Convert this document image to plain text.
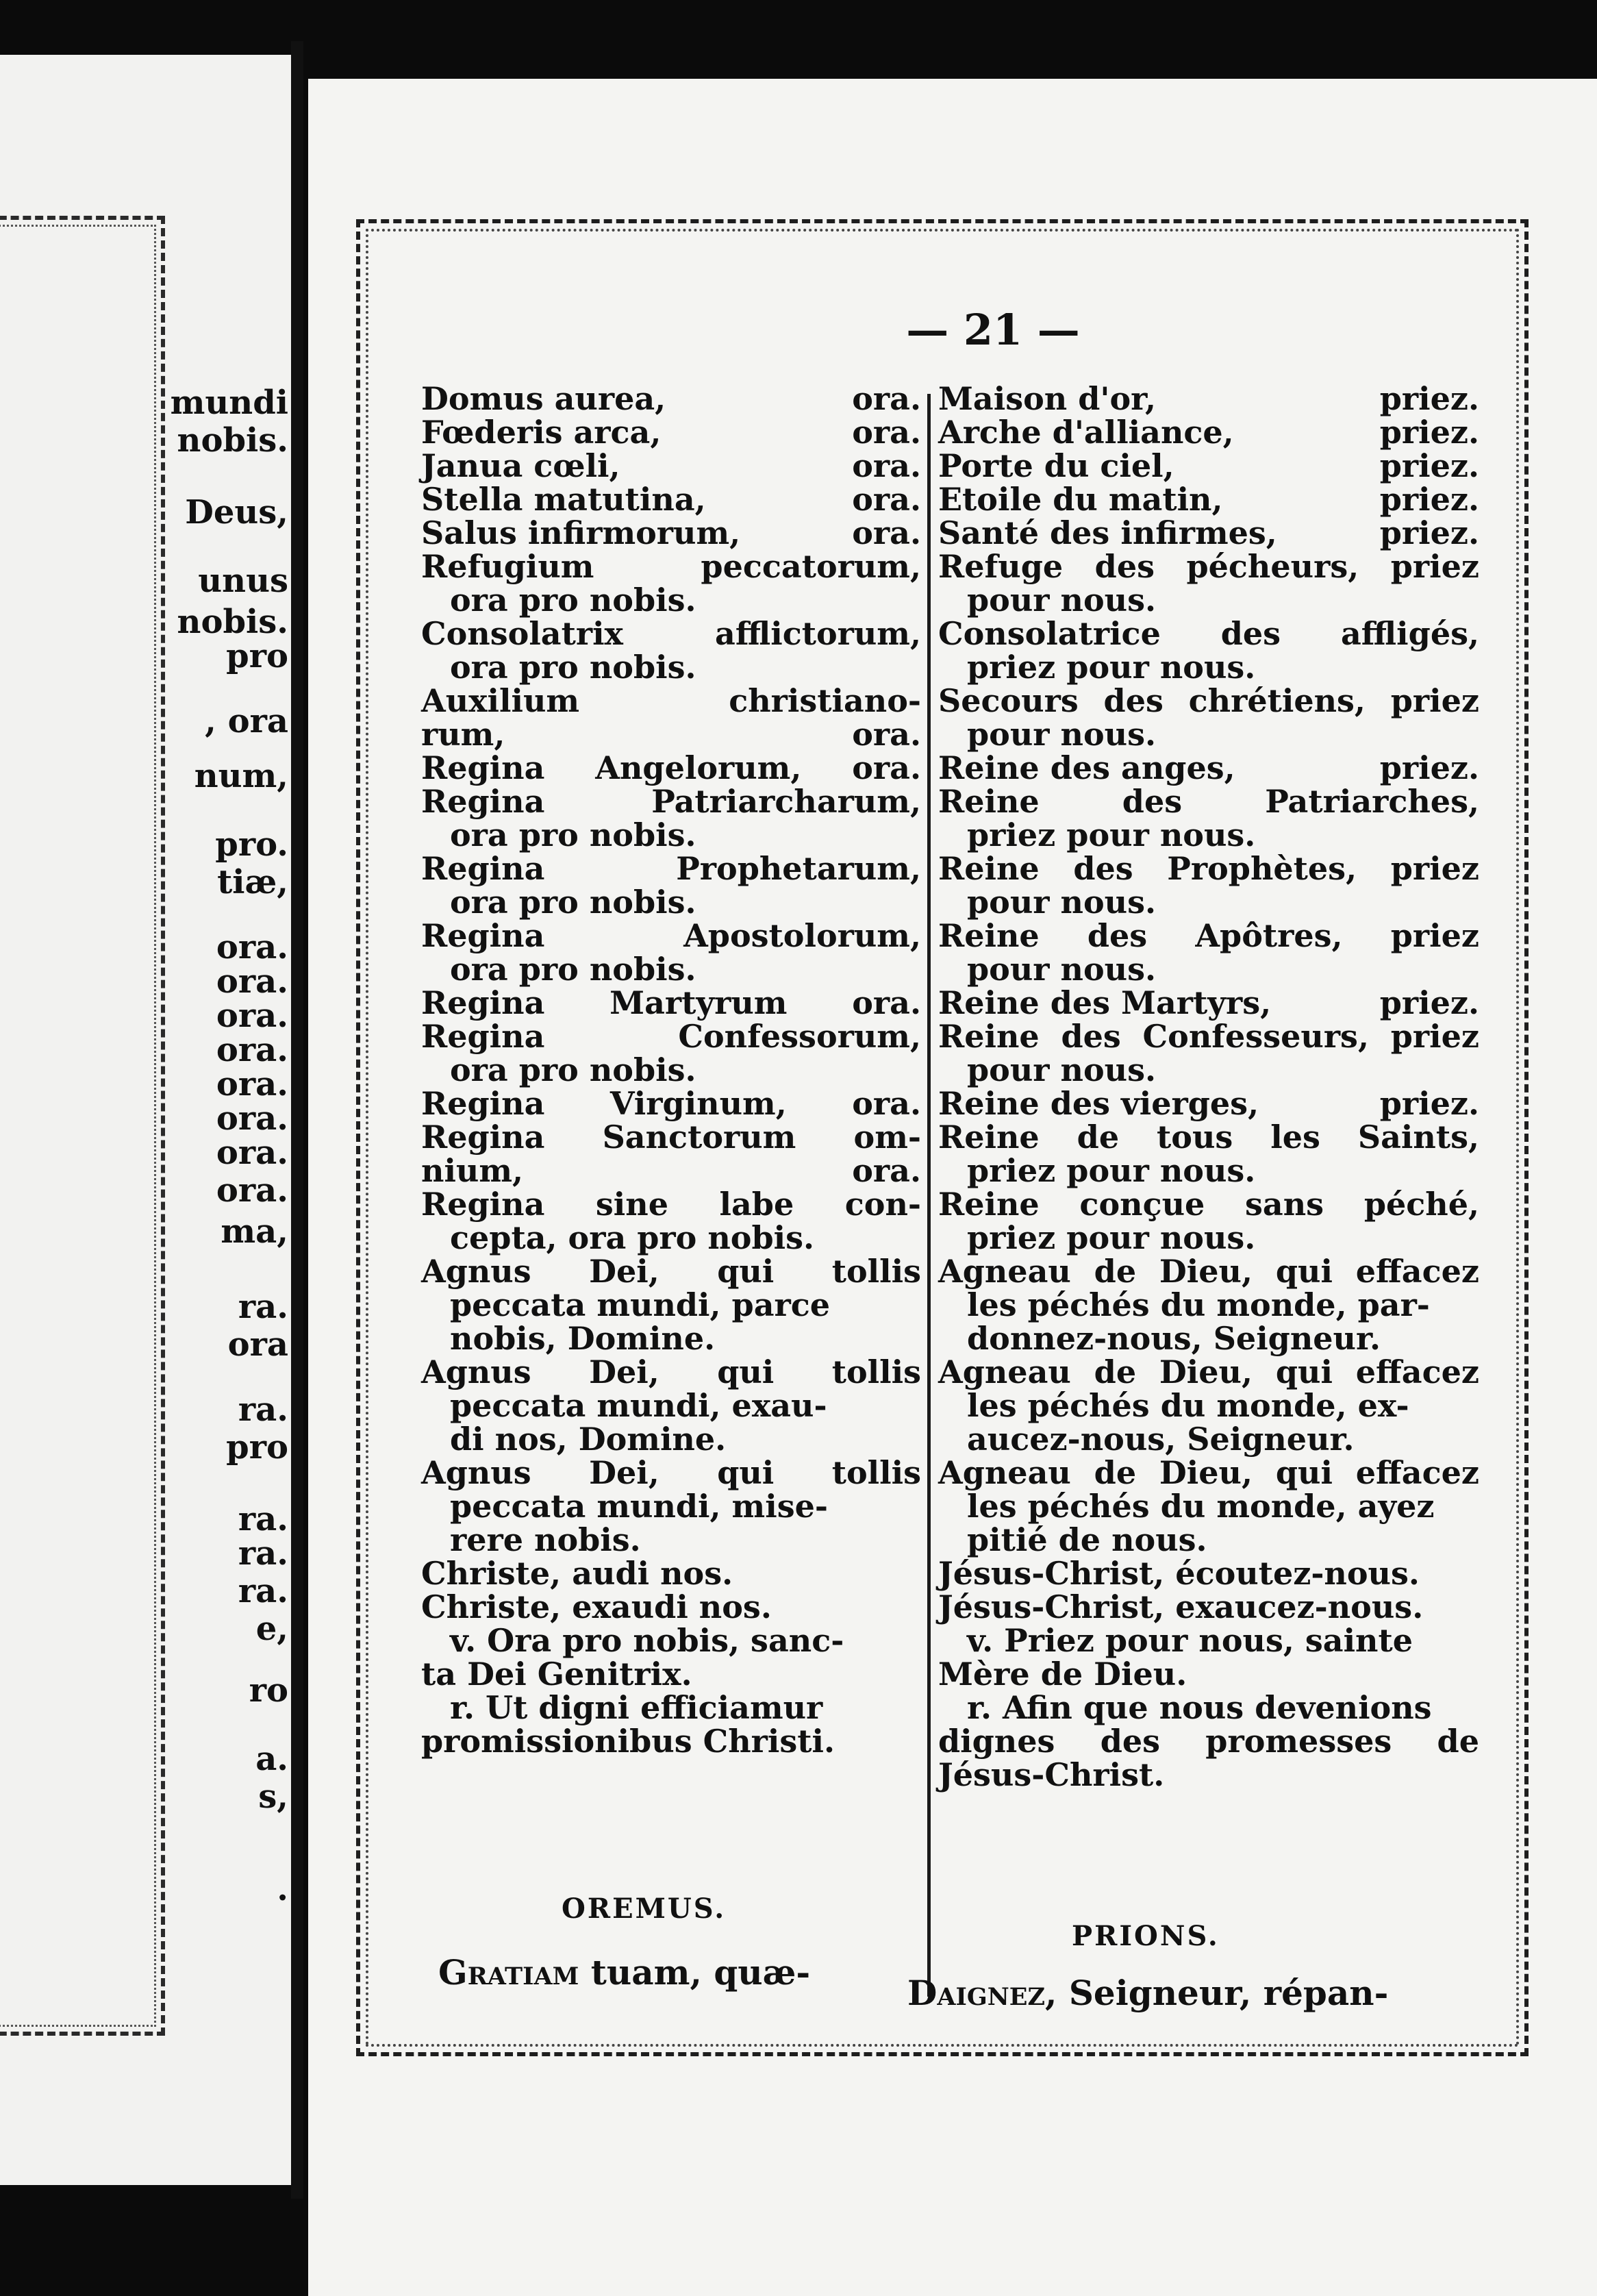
mundi
nobis.
Deus,
unus
nobis.
pro
, ora
num,
pro.
tiæ,
ora.
ora.
ora.
ora.
ora.
ora.
ora.
ora.
ma,
ra.
ora
ra.
pro
ra.
ra.
ra.
e,
ro
a.
s,
.
— 21 —
Domus aurea,	ora.
Fœderis arca,	ora.
Janua cœli,	ora.
Stella matutina,	ora.
Salus infirmorum,	ora.
Refugium peccatorum,
ora pro nobis.
Consolatrix afflictorum,
ora pro nobis.
Auxilium christiano-
rum,	ora.
Regina Angelorum, ora.
Regina Patriarcharum,
ora pro nobis.
Regina Prophetarum,
ora pro nobis.
Regina Apostolorum,
ora pro nobis.
Regina Martyrum ora.
Regina Confessorum,
ora pro nobis.
Regina Virginum, ora.
Regina Sanctorum om-
nium,	ora.
Regina sine labe con-
cepta, ora pro nobis.
Agnus Dei, qui tollis
peccata mundi, parce
nobis, Domine.
Agnus Dei, qui tollis
peccata mundi, exau-
di nos, Domine.
Agnus Dei, qui tollis
peccata mundi, mise-
rere nobis.
Christe, audi nos.
Christe, exaudi nos.
v. Ora pro nobis, sanc-
ta Dei Genitrix.
r. Ut digni efficiamur
promissionibus Christi.
Maison d'or,	priez.
Arche d'alliance,	priez.
Porte du ciel,	priez.
Etoile du matin,	priez.
Santé des infirmes,	priez.
Refuge des pécheurs, priez
pour nous.
Consolatrice des affligés,
priez pour nous.
Secours des chrétiens, priez
pour nous.
Reine des anges,	priez.
Reine des Patriarches,
priez pour nous.
Reine des Prophètes, priez
pour nous.
Reine des Apôtres, priez
pour nous.
Reine des Martyrs,	priez.
Reine des Confesseurs, priez
pour nous.
Reine des vierges,	priez.
Reine de tous les Saints,
priez pour nous.
Reine conçue sans péché,
priez pour nous.
Agneau de Dieu, qui effacez
les péchés du monde, par-
donnez-nous, Seigneur.
Agneau de Dieu, qui effacez
les péchés du monde, ex-
aucez-nous, Seigneur.
Agneau de Dieu, qui effacez
les péchés du monde, ayez
pitié de nous.
Jésus-Christ, écoutez-nous.
Jésus-Christ, exaucez-nous.
v. Priez pour nous, sainte
Mère de Dieu.
r. Afin que nous devenions
dignes des promesses de
Jésus-Christ.
OREMUS.
PRIONS.
Gratiam tuam, quæ-
Daignez, Seigneur, répan-
